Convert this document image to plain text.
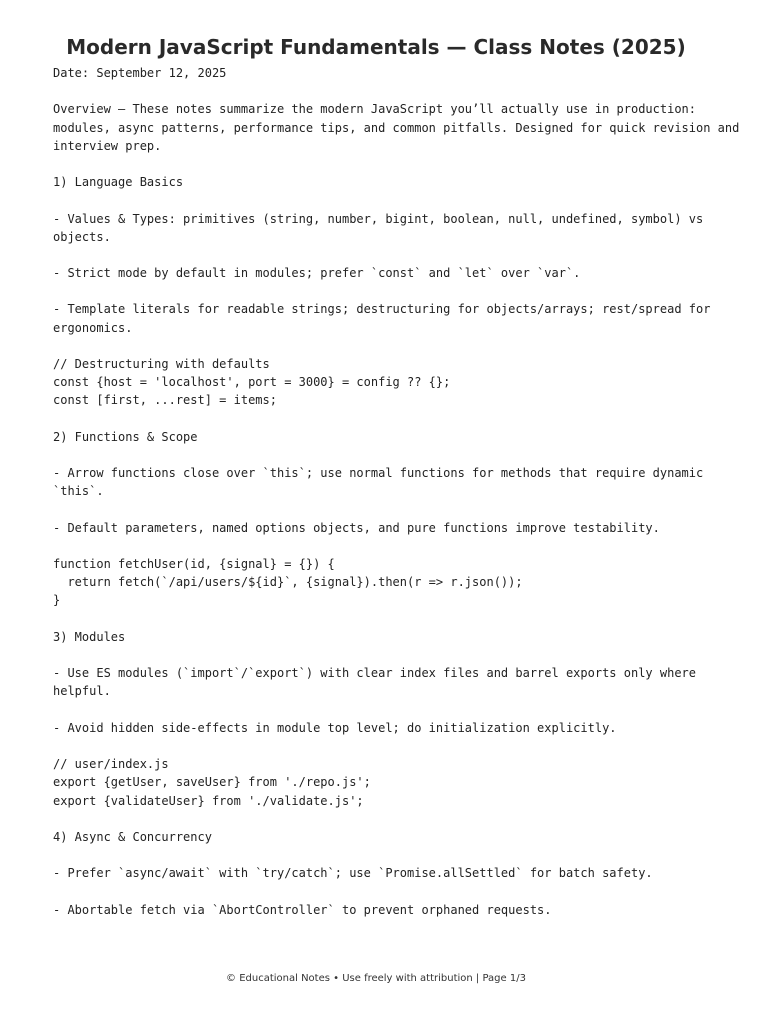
Modern JavaScript Fundamentals — Class Notes (2025)
Date: September 12, 2025
Overview — These notes summarize the modern JavaScript you’ll actually use in production:
modules, async patterns, performance tips, and common pitfalls. Designed for quick revision and
interview prep.
1) Language Basics
- Values & Types: primitives (string, number, bigint, boolean, null, undefined, symbol) vs
objects.
- Strict mode by default in modules; prefer `const` and `let` over `var`.
- Template literals for readable strings; destructuring for objects/arrays; rest/spread for
ergonomics.
// Destructuring with defaults
const {host = 'localhost', port = 3000} = config ?? {};
const [first, ...rest] = items;
2) Functions & Scope
- Arrow functions close over `this`; use normal functions for methods that require dynamic
`this`.
- Default parameters, named options objects, and pure functions improve testability.
function fetchUser(id, {signal} = {}) {
return fetch(`/api/users/${id}`, {signal}).then(r => r.json());
}
3) Modules
- Use ES modules (`import`/`export`) with clear index files and barrel exports only where
helpful.
- Avoid hidden side-effects in module top level; do initialization explicitly.
// user/index.js
export {getUser, saveUser} from './repo.js';
export {validateUser} from './validate.js';
4) Async & Concurrency
- Prefer `async/await` with `try/catch`; use `Promise.allSettled` for batch safety.
- Abortable fetch via `AbortController` to prevent orphaned requests.
© Educational Notes • Use freely with attribution | Page 1/3
